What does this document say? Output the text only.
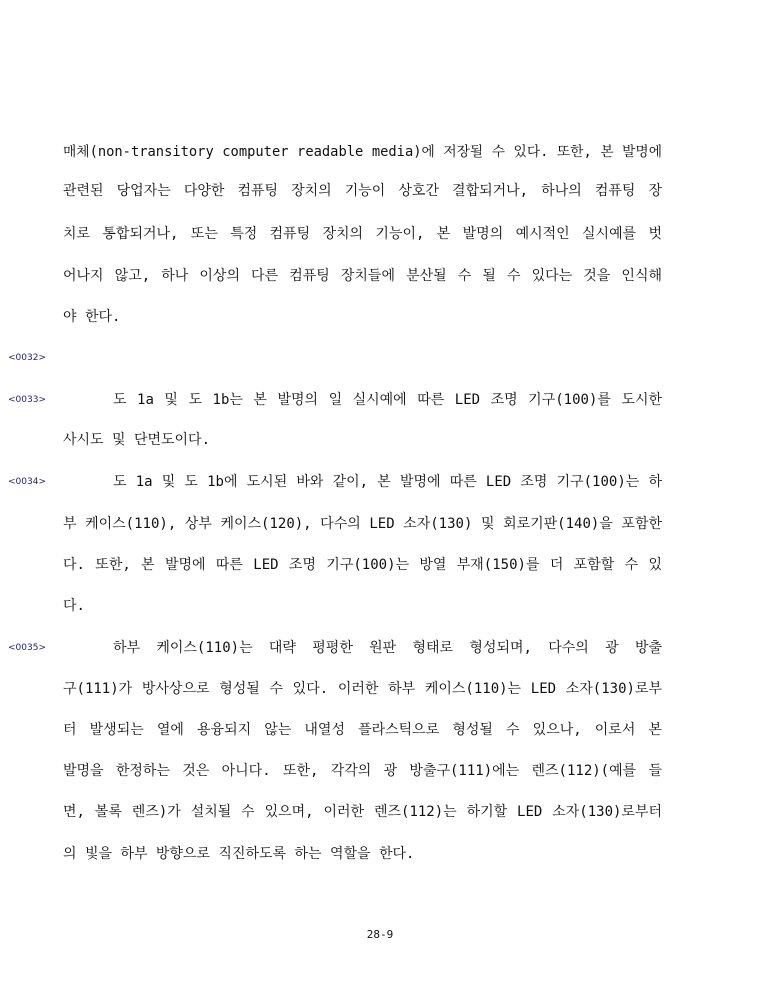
매체(non-transitory computer readable media)에 저장될 수 있다. 또한, 본 발명에
관련된 당업자는 다양한 컴퓨팅 장치의 기능이 상호간 결합되거나, 하나의 컴퓨팅 장
치로 통합되거나, 또는 특정 컴퓨팅 장치의 기능이, 본 발명의 예시적인 실시예를 벗
어나지 않고, 하나 이상의 다른 컴퓨팅 장치들에 분산될 수 될 수 있다는 것을 인식해
야 한다.
<0032>
<0033>	도 1a 및 도 1b는 본 발명의 일 실시예에 따른 LED 조명 기구(100)를 도시한
사시도 및 단면도이다.
<0034>	도 1a 및 도 1b에 도시된 바와 같이, 본 발명에 따른 LED 조명 기구(100)는 하
부 케이스(110), 상부 케이스(120), 다수의 LED 소자(130) 및 회로기판(140)을 포함한
다. 또한, 본 발명에 따른 LED 조명 기구(100)는 방열 부재(150)를 더 포함할 수 있
다.
<0035>	하부 케이스(110)는 대략 평평한 원판 형태로 형성되며, 다수의 광 방출
구(111)가 방사상으로 형성될 수 있다. 이러한 하부 케이스(110)는 LED 소자(130)로부
터 발생되는 열에 용융되지 않는 내열성 플라스틱으로 형성될 수 있으나, 이로서 본
발명을 한정하는 것은 아니다. 또한, 각각의 광 방출구(111)에는 렌즈(112)(예를 들
면, 볼록 렌즈)가 설치될 수 있으며, 이러한 렌즈(112)는 하기할 LED 소자(130)로부터
의 빛을 하부 방향으로 직진하도록 하는 역할을 한다.
28-9
